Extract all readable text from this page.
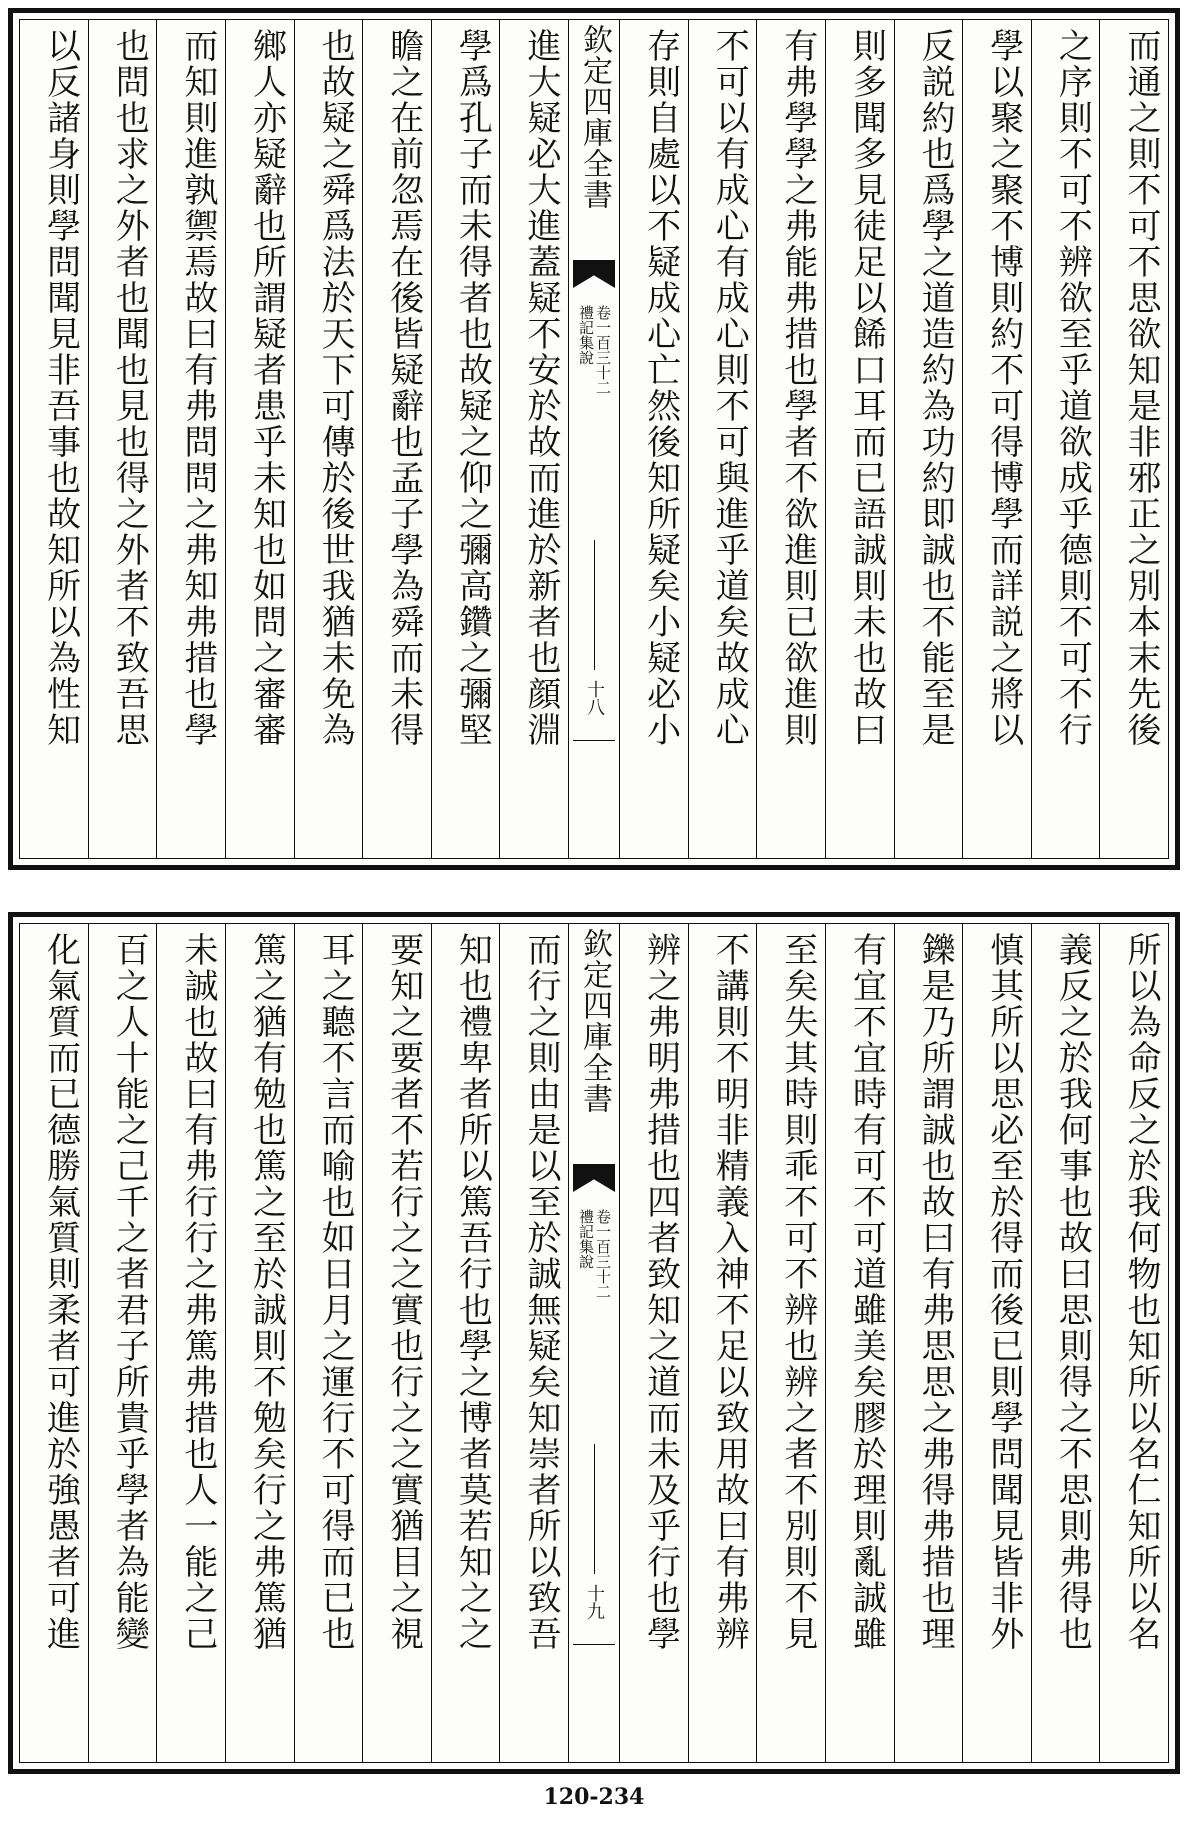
而通之則不可不思欲知是非邪正之別本末先後
之序則不可不辨欲至乎道欲成乎德則不可不行
學以聚之聚不博則約不可得博學而詳説之將以
反説約也爲學之道造約為功約即誠也不能至是
則多聞多見徒足以餙口耳而已語誠則未也故曰
有弗學學之弗能弗措也學者不欲進則已欲進則
不可以有成心有成心則不可與進乎道矣故成心
存則自處以不疑成心亡然後知所疑矣小疑必小
欽定四庫全書
禮記集說 卷一百三十二
十八
進大疑必大進蓋疑不安於故而進於新者也顔淵
學爲孔子而未得者也故疑之仰之彌高鑽之彌堅
瞻之在前忽焉在後皆疑辭也孟子學為舜而未得
也故疑之舜爲法於天下可傳於後世我猶未免為
鄉人亦疑辭也所謂疑者患乎未知也如問之審審
而知則進孰禦焉故曰有弗問問之弗知弗措也學
也問也求之外者也聞也見也得之外者不致吾思
以反諸身則學問聞見非吾事也故知所以為性知
所以為命反之於我何物也知所以名仁知所以名
義反之於我何事也故曰思則得之不思則弗得也
慎其所以思必至於得而後已則學問聞見皆非外
鑠是乃所謂誠也故曰有弗思思之弗得弗措也理
有宜不宜時有可不可道雖美矣膠於理則亂誠雖
至矣失其時則乖不可不辨也辨之者不別則不見
不講則不明非精義入神不足以致用故曰有弗辨
辨之弗明弗措也四者致知之道而未及乎行也學
欽定四庫全書
禮記集說 卷一百三十二
十九
而行之則由是以至於誠無疑矣知崇者所以致吾
知也禮卑者所以篤吾行也學之博者莫若知之之
要知之要者不若行之之實也行之之實猶目之視
耳之聽不言而喻也如日月之運行不可得而已也
篤之猶有勉也篤之至於誠則不勉矣行之弗篤猶
未誠也故曰有弗行行之弗篤弗措也人一能之己
百之人十能之己千之者君子所貴乎學者為能變
化氣質而已德勝氣質則柔者可進於強愚者可進
120-234
